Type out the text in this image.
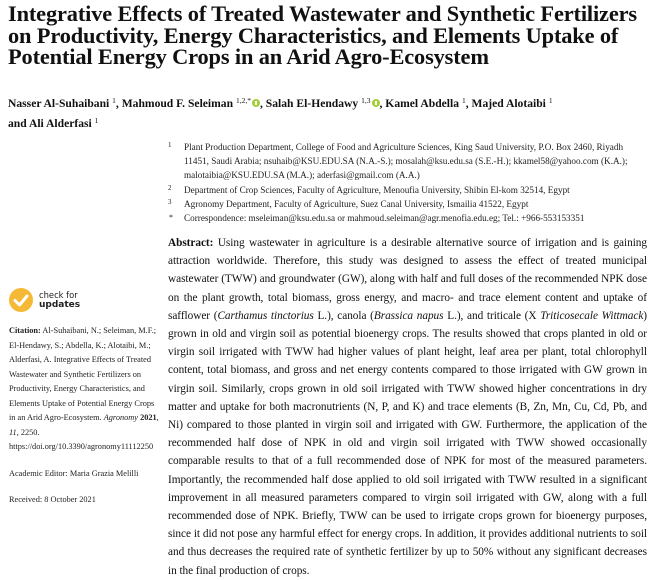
Integrative Effects of Treated Wastewater and Synthetic Fertilizers on Productivity, Energy Characteristics, and Elements Uptake of Potential Energy Crops in an Arid Agro-Ecosystem
Nasser Al-Suhaibani $^1$, Mahmoud F. Seleiman $^{1,2,*}$ , Salah El-Hendawy $^{1,3}$ , Kamel Abdella $^1$, Majed Alotaibi $^1$
and Ali Alderfasi $^1$
1 Plant Production Department, College of Food and Agriculture Sciences, King Saud University, P.O. Box 2460, Riyadh 11451, Saudi Arabia; nsuhaib@KSU.EDU.SA (N.A.-S.); mosalah@ksu.edu.sa (S.E.-H.); kkamel58@yahoo.com (K.A.); malotaibia@KSU.EDU.SA (M.A.); aderfasi@gmail.com (A.A.)
2 Department of Crop Sciences, Faculty of Agriculture, Menoufia University, Shibin El-kom 32514, Egypt
3 Agronomy Department, Faculty of Agriculture, Suez Canal University, Ismailia 41522, Egypt
* Correspondence: mseleiman@ksu.edu.sa or mahmoud.seleiman@agr.menofia.edu.eg; Tel.: +966-553153351
Abstract: Using wastewater in agriculture is a desirable alternative source of irrigation and is gaining attraction worldwide. Therefore, this study was designed to assess the effect of treated municipal wastewater (TWW) and groundwater (GW), along with half and full doses of the recommended NPK dose on the plant growth, total biomass, gross energy, and macro- and trace element content and uptake of safflower (Carthamus tinctorius L.), canola (Brassica napus L.), and triticale (X Triticosecale Wittmack) grown in old and virgin soil as potential bioenergy crops. The results showed that crops planted in old or virgin soil irrigated with TWW had higher values of plant height, leaf area per plant, total chlorophyll content, total biomass, and gross and net energy contents compared to those irrigated with GW grown in virgin soil. Similarly, crops grown in old soil irrigated with TWW showed higher concentrations in dry matter and uptake for both macronutrients (N, P, and K) and trace elements (B, Zn, Mn, Cu, Cd, Pb, and Ni) compared to those planted in virgin soil and irrigated with GW. Furthermore, the application of the recommended half dose of NPK in old and virgin soil irrigated with TWW showed occasionally comparable results to that of a full recommended dose of NPK for most of the measured parameters. Importantly, the recommended half dose applied to old soil irrigated with TWW resulted in a significant improvement in all measured parameters compared to virgin soil irrigated with GW, along with a full recommended dose of NPK. Briefly, TWW can be used to irrigate crops grown for bioenergy purposes, since it did not pose any harmful effect for energy crops. In addition, it provides additional nutrients to soil and thus decreases the required rate of synthetic fertilizer by up to 50% without any significant decreases in the final production of crops.
check for
updates
Citation: Al-Suhaibani, N.; Seleiman, M.F.; El-Hendawy, S.; Abdella, K.; Alotaibi, M.; Alderfasi, A. Integrative Effects of Treated Wastewater and Synthetic Fertilizers on Productivity, Energy Characteristics, and Elements Uptake of Potential Energy Crops in an Arid Agro-Ecosystem. Agronomy 2021, 11, 2250. https://doi.org/10.3390/agronomy11112250
Academic Editor: Maria Grazia Melilli
Received: 8 October 2021
